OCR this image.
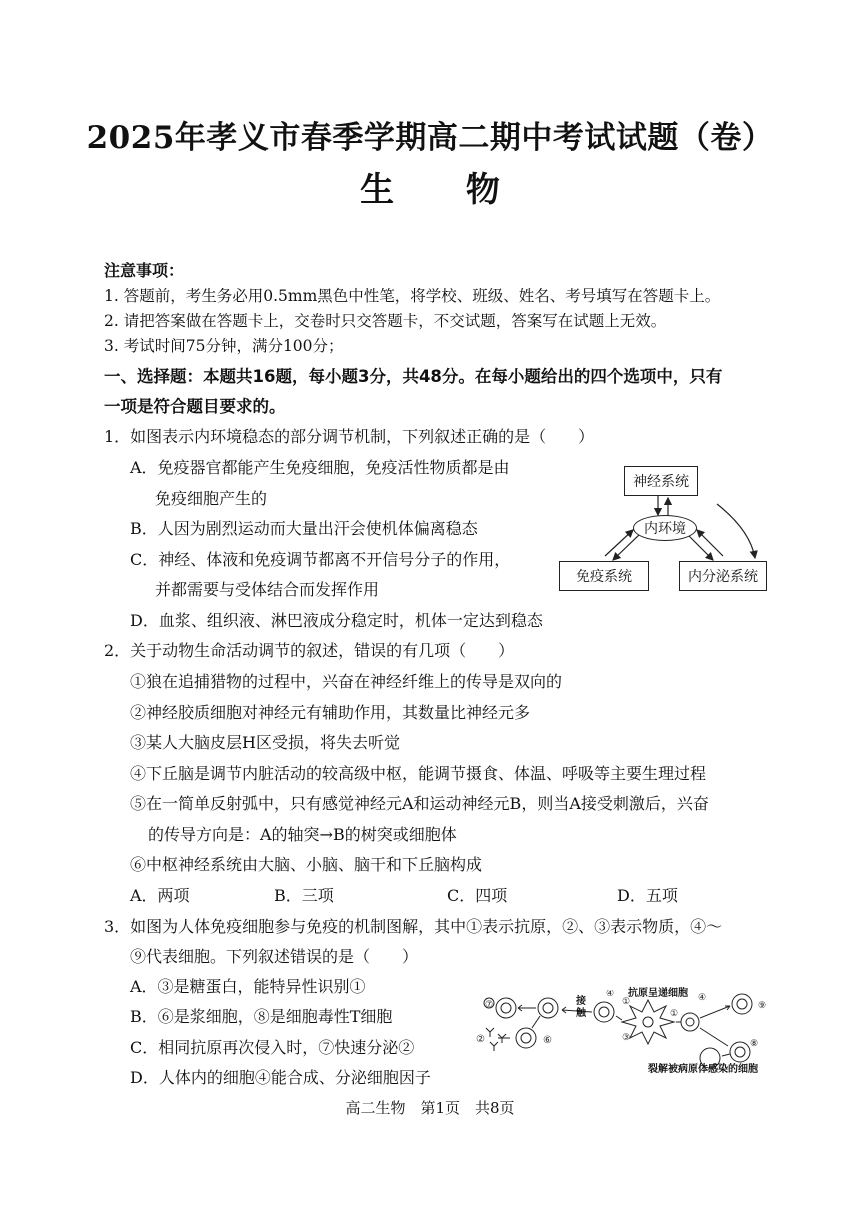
2025年孝义市春季学期高二期中考试试题（卷）
生 物
注意事项：
1. 答题前，考生务必用0.5mm黑色中性笔，将学校、班级、姓名、考号填写在答题卡上。
2. 请把答案做在答题卡上，交卷时只交答题卡，不交试题，答案写在试题上无效。
3. 考试时间75分钟，满分100分；
一、选择题：本题共16题，每小题3分，共48分。在每小题给出的四个选项中，只有
一项是符合题目要求的。
1．如图表示内环境稳态的部分调节机制，下列叙述正确的是（　　）
A．免疫器官都能产生免疫细胞，免疫活性物质都是由
免疫细胞产生的
B．人因为剧烈运动而大量出汗会使机体偏离稳态
C．神经、体液和免疫调节都离不开信号分子的作用，
并都需要与受体结合而发挥作用
D．血浆、组织液、淋巴液成分稳定时，机体一定达到稳态
神经系统
内环境
免疫系统	内分泌系统
2．关于动物生命活动调节的叙述，错误的有几项（　　）
①狼在追捕猎物的过程中，兴奋在神经纤维上的传导是双向的
②神经胶质细胞对神经元有辅助作用，其数量比神经元多
③某人大脑皮层H区受损，将失去听觉
④下丘脑是调节内脏活动的较高级中枢，能调节摄食、体温、呼吸等主要生理过程
⑤在一简单反射弧中，只有感觉神经元A和运动神经元B，则当A接受刺激后，兴奋
的传导方向是：A的轴突→B的树突或细胞体
⑥中枢神经系统由大脑、小脑、脑干和下丘脑构成
A．两项	B．三项	C．四项	D．五项
3．如图为人体免疫细胞参与免疫的机制图解，其中①表示抗原，②、③表示物质，④～
⑨代表细胞。下列叙述错误的是（　　）
A．③是糖蛋白，能特异性识别①
B．⑥是浆细胞，⑧是细胞毒性T细胞
C．相同抗原再次侵入时，⑦快速分泌②
D．人体内的细胞④能合成、分泌细胞因子
⑦
⑥
②
①
④
③
①
④
⑨
⑧
抗原呈递细胞
接
触
裂解被病原体感染的细胞
高二生物　第1页　共8页
